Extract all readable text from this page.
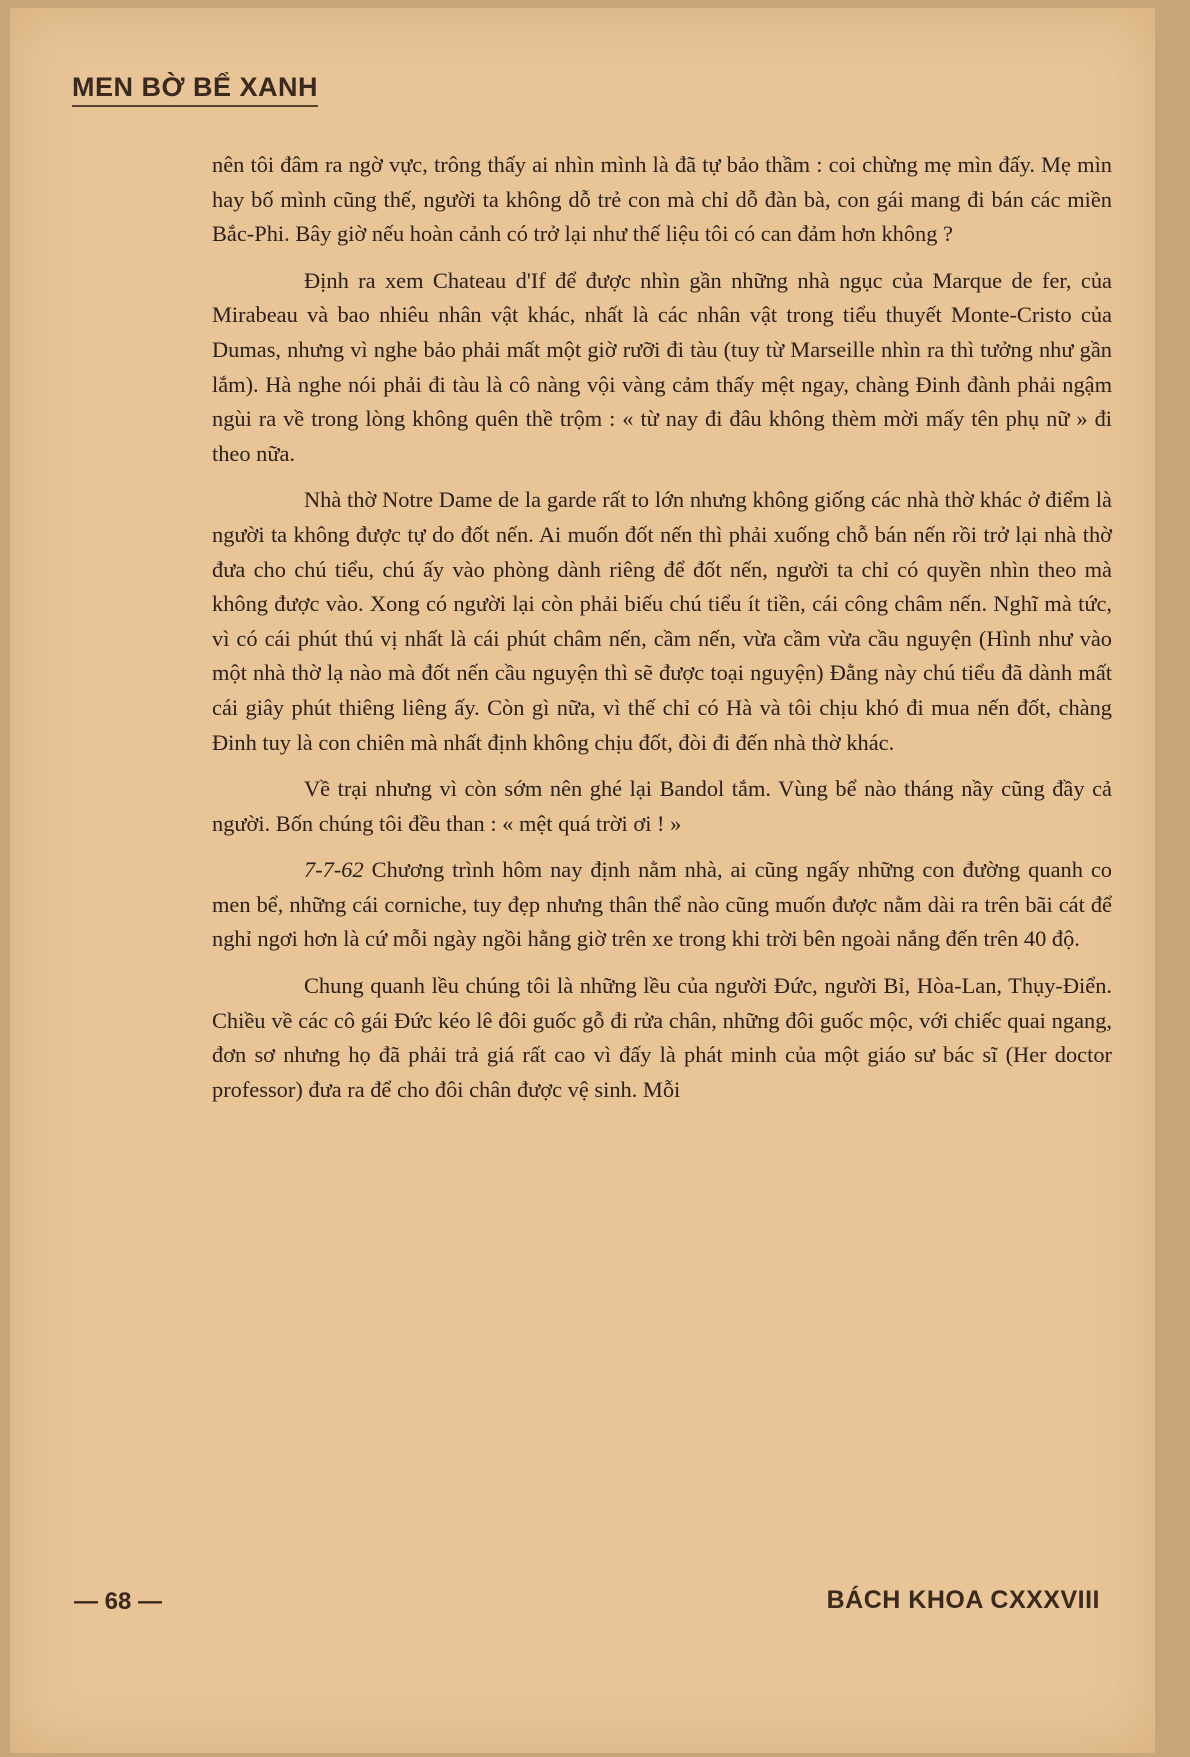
MEN BỜ BỂ XANH

nên tôi đâm ra ngờ vực, trông thấy ai nhìn mình là đã tự bảo thầm : coi chừng mẹ mìn đấy. Mẹ mìn hay bố mình cũng thế, người ta không dỗ trẻ con mà chỉ dỗ đàn bà, con gái mang đi bán các miền Bắc-Phi. Bây giờ nếu hoàn cảnh có trở lại như thế liệu tôi có can đảm hơn không ?

Định ra xem Chateau d'If để được nhìn gần những nhà ngục của Marque de fer, của Mirabeau và bao nhiêu nhân vật khác, nhất là các nhân vật trong tiểu thuyết Monte-Cristo của Dumas, nhưng vì nghe bảo phải mất một giờ rưỡi đi tàu (tuy từ Marseille nhìn ra thì tưởng như gần lắm). Hà nghe nói phải đi tàu là cô nàng vội vàng cảm thấy mệt ngay, chàng Đinh đành phải ngậm ngùi ra về trong lòng không quên thề trộm : « từ nay đi đâu không thèm mời mấy tên phụ nữ » đi theo nữa.

Nhà thờ Notre Dame de la garde rất to lớn nhưng không giống các nhà thờ khác ở điểm là người ta không được tự do đốt nến. Ai muốn đốt nến thì phải xuống chỗ bán nến rồi trở lại nhà thờ đưa cho chú tiểu, chú ấy vào phòng dành riêng để đốt nến, người ta chỉ có quyền nhìn theo mà không được vào. Xong có người lại còn phải biếu chú tiểu ít tiền, cái công châm nến. Nghĩ mà tức, vì có cái phút thú vị nhất là cái phút châm nến, cầm nến, vừa cầm vừa cầu nguyện (Hình như vào một nhà thờ lạ nào mà đốt nến cầu nguyện thì sẽ được toại nguyện) Đằng này chú tiểu đã dành mất cái giây phút thiêng liêng ấy. Còn gì nữa, vì thế chỉ có Hà và tôi chịu khó đi mua nến đốt, chàng Đinh tuy là con chiên mà nhất định không chịu đốt, đòi đi đến nhà thờ khác.

Về trại nhưng vì còn sớm nên ghé lại Bandol tắm. Vùng bể nào tháng nầy cũng đầy cả người. Bốn chúng tôi đều than : « mệt quá trời ơi ! »

7-7-62 Chương trình hôm nay định nằm nhà, ai cũng ngấy những con đường quanh co men bể, những cái corniche, tuy đẹp nhưng thân thể nào cũng muốn được nằm dài ra trên bãi cát để nghỉ ngơi hơn là cứ mỗi ngày ngồi hằng giờ trên xe trong khi trời bên ngoài nắng đến trên 40 độ.

Chung quanh lều chúng tôi là những lều của người Đức, người Bỉ, Hòa-Lan, Thụy-Điển. Chiều về các cô gái Đức kéo lê đôi guốc gỗ đi rửa chân, những đôi guốc mộc, với chiếc quai ngang, đơn sơ nhưng họ đã phải trả giá rất cao vì đấy là phát minh của một giáo sư bác sĩ (Her doctor professor) đưa ra để cho đôi chân được vệ sinh. Mỗi

— 68 —	BÁCH KHOA CXXXVIII
